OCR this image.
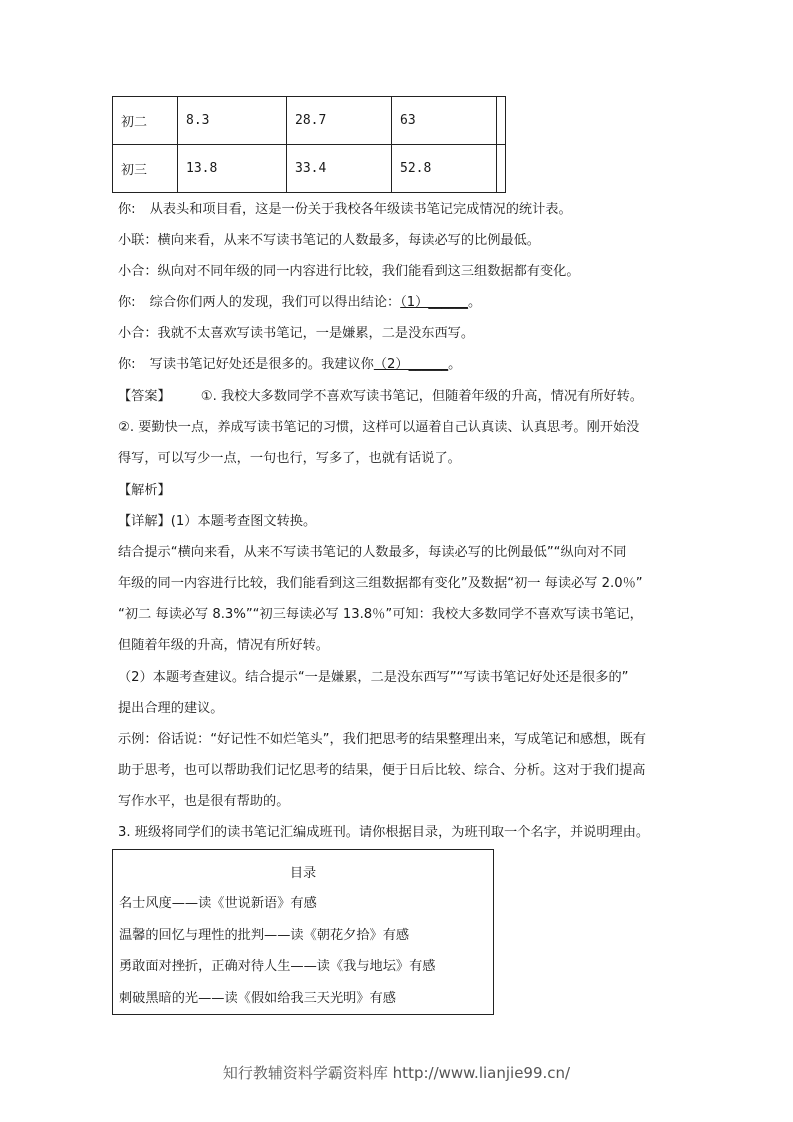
初二	8.3	28.7	63	
初三	13.8	33.4	52.8	
你: 从表头和项目看，这是一份关于我校各年级读书笔记完成情况的统计表。
小联：横向来看，从来不写读书笔记的人数最多，每读必写的比例最低。
小合：纵向对不同年级的同一内容进行比较，我们能看到这三组数据都有变化。
你: 综合你们两人的发现，我们可以得出结论：（1）______。
小合：我就不太喜欢写读书笔记，一是嫌累，二是没东西写。
你: 写读书笔记好处还是很多的。我建议你（2）______。
【答案】 ①. 我校大多数同学不喜欢写读书笔记，但随着年级的升高，情况有所好转。
②. 要勤快一点，养成写读书笔记的习惯，这样可以逼着自己认真读、认真思考。刚开始没
得写，可以写少一点，一句也行，写多了，也就有话说了。
【解析】
【详解】(1）本题考查图文转换。
结合提示“横向来看，从来不写读书笔记的人数最多，每读必写的比例最低”“纵向对不同
年级的同一内容进行比较，我们能看到这三组数据都有变化”及数据“初一 每读必写 2.0％”
“初二 每读必写 8.3%”“初三每读必写 13.8％”可知：我校大多数同学不喜欢写读书笔记，
但随着年级的升高，情况有所好转。
（2）本题考查建议。结合提示“一是嫌累，二是没东西写”“写读书笔记好处还是很多的”
提出合理的建议。
示例：俗话说：“好记性不如烂笔头”，我们把思考的结果整理出来，写成笔记和感想，既有
助于思考，也可以帮助我们记忆思考的结果，便于日后比较、综合、分析。这对于我们提高
写作水平，也是很有帮助的。
3. 班级将同学们的读书笔记汇编成班刊。请你根据目录，为班刊取一个名字，并说明理由。
目录
名士风度——读《世说新语》有感
温馨的回忆与理性的批判——读《朝花夕拾》有感
勇敢面对挫折，正确对待人生——读《我与地坛》有感
刺破黑暗的光——读《假如给我三天光明》有感
知行教辅资料学霸资料库 http://www.lianjie99.cn/
